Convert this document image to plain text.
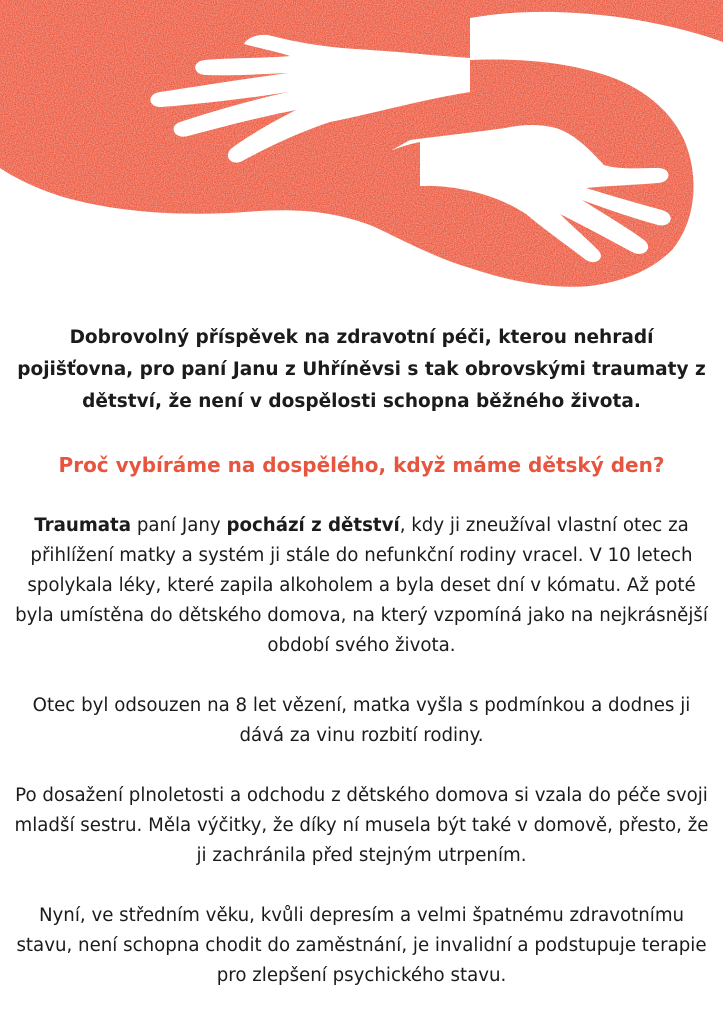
Dobrovolný příspěvek na zdravotní péči, kterou nehradí pojišťovna, pro paní Janu z Uhříněvsi s tak obrovskými traumaty z dětství, že není v dospělosti schopna běžného života.

Proč vybíráme na dospělého, když máme dětský den?

Traumata paní Jany pochází z dětství, kdy ji zneužíval vlastní otec za přihlížení matky a systém ji stále do nefunkční rodiny vracel. V 10 letech spolykala léky, které zapila alkoholem a byla deset dní v kómatu. Až poté byla umístěna do dětského domova, na který vzpomíná jako na nejkrásnější období svého života.

Otec byl odsouzen na 8 let vězení, matka vyšla s podmínkou a dodnes ji dává za vinu rozbití rodiny.

Po dosažení plnoletosti a odchodu z dětského domova si vzala do péče svoji mladší sestru. Měla výčitky, že díky ní musela být také v domově, přesto, že ji zachránila před stejným utrpením.

Nyní, ve středním věku, kvůli depresím a velmi špatnému zdravotnímu stavu, není schopna chodit do zaměstnání, je invalidní a podstupuje terapie pro zlepšení psychického stavu.
